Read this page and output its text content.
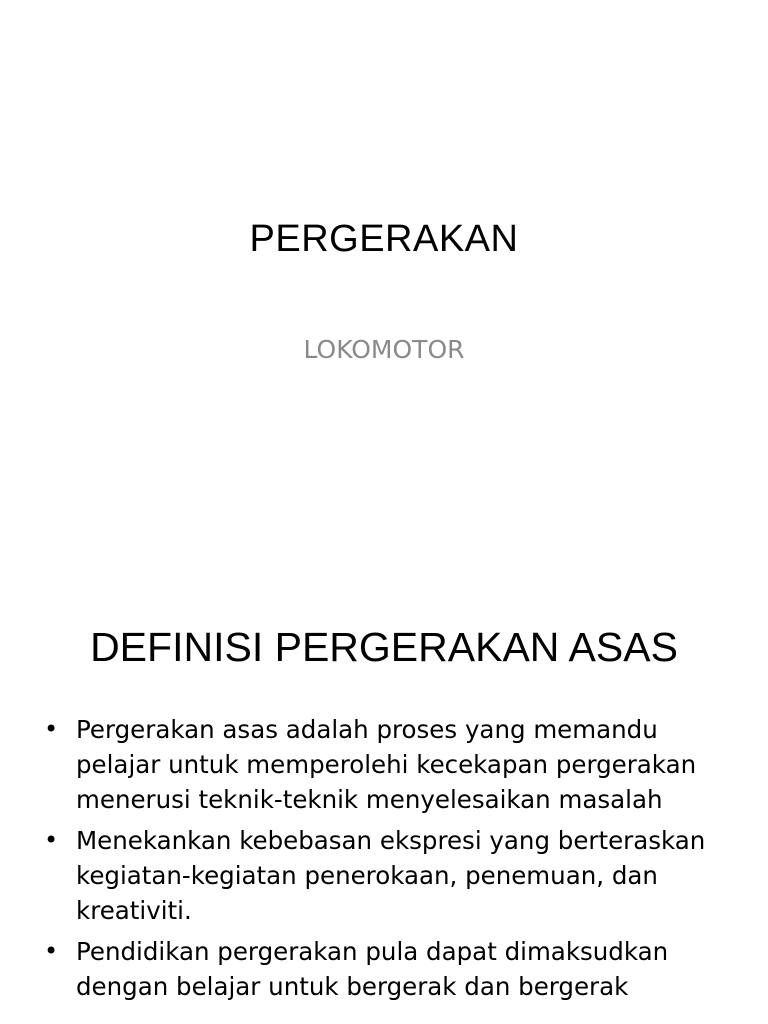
PERGERAKAN
LOKOMOTOR
DEFINISI PERGERAKAN ASAS
• Pergerakan asas adalah proses yang memandu pelajar untuk memperolehi kecekapan pergerakan menerusi teknik-teknik menyelesaikan masalah
• Menekankan kebebasan ekspresi yang berteraskan kegiatan-kegiatan penerokaan, penemuan, dan kreativiti.
• Pendidikan pergerakan pula dapat dimaksudkan dengan belajar untuk bergerak dan bergerak
